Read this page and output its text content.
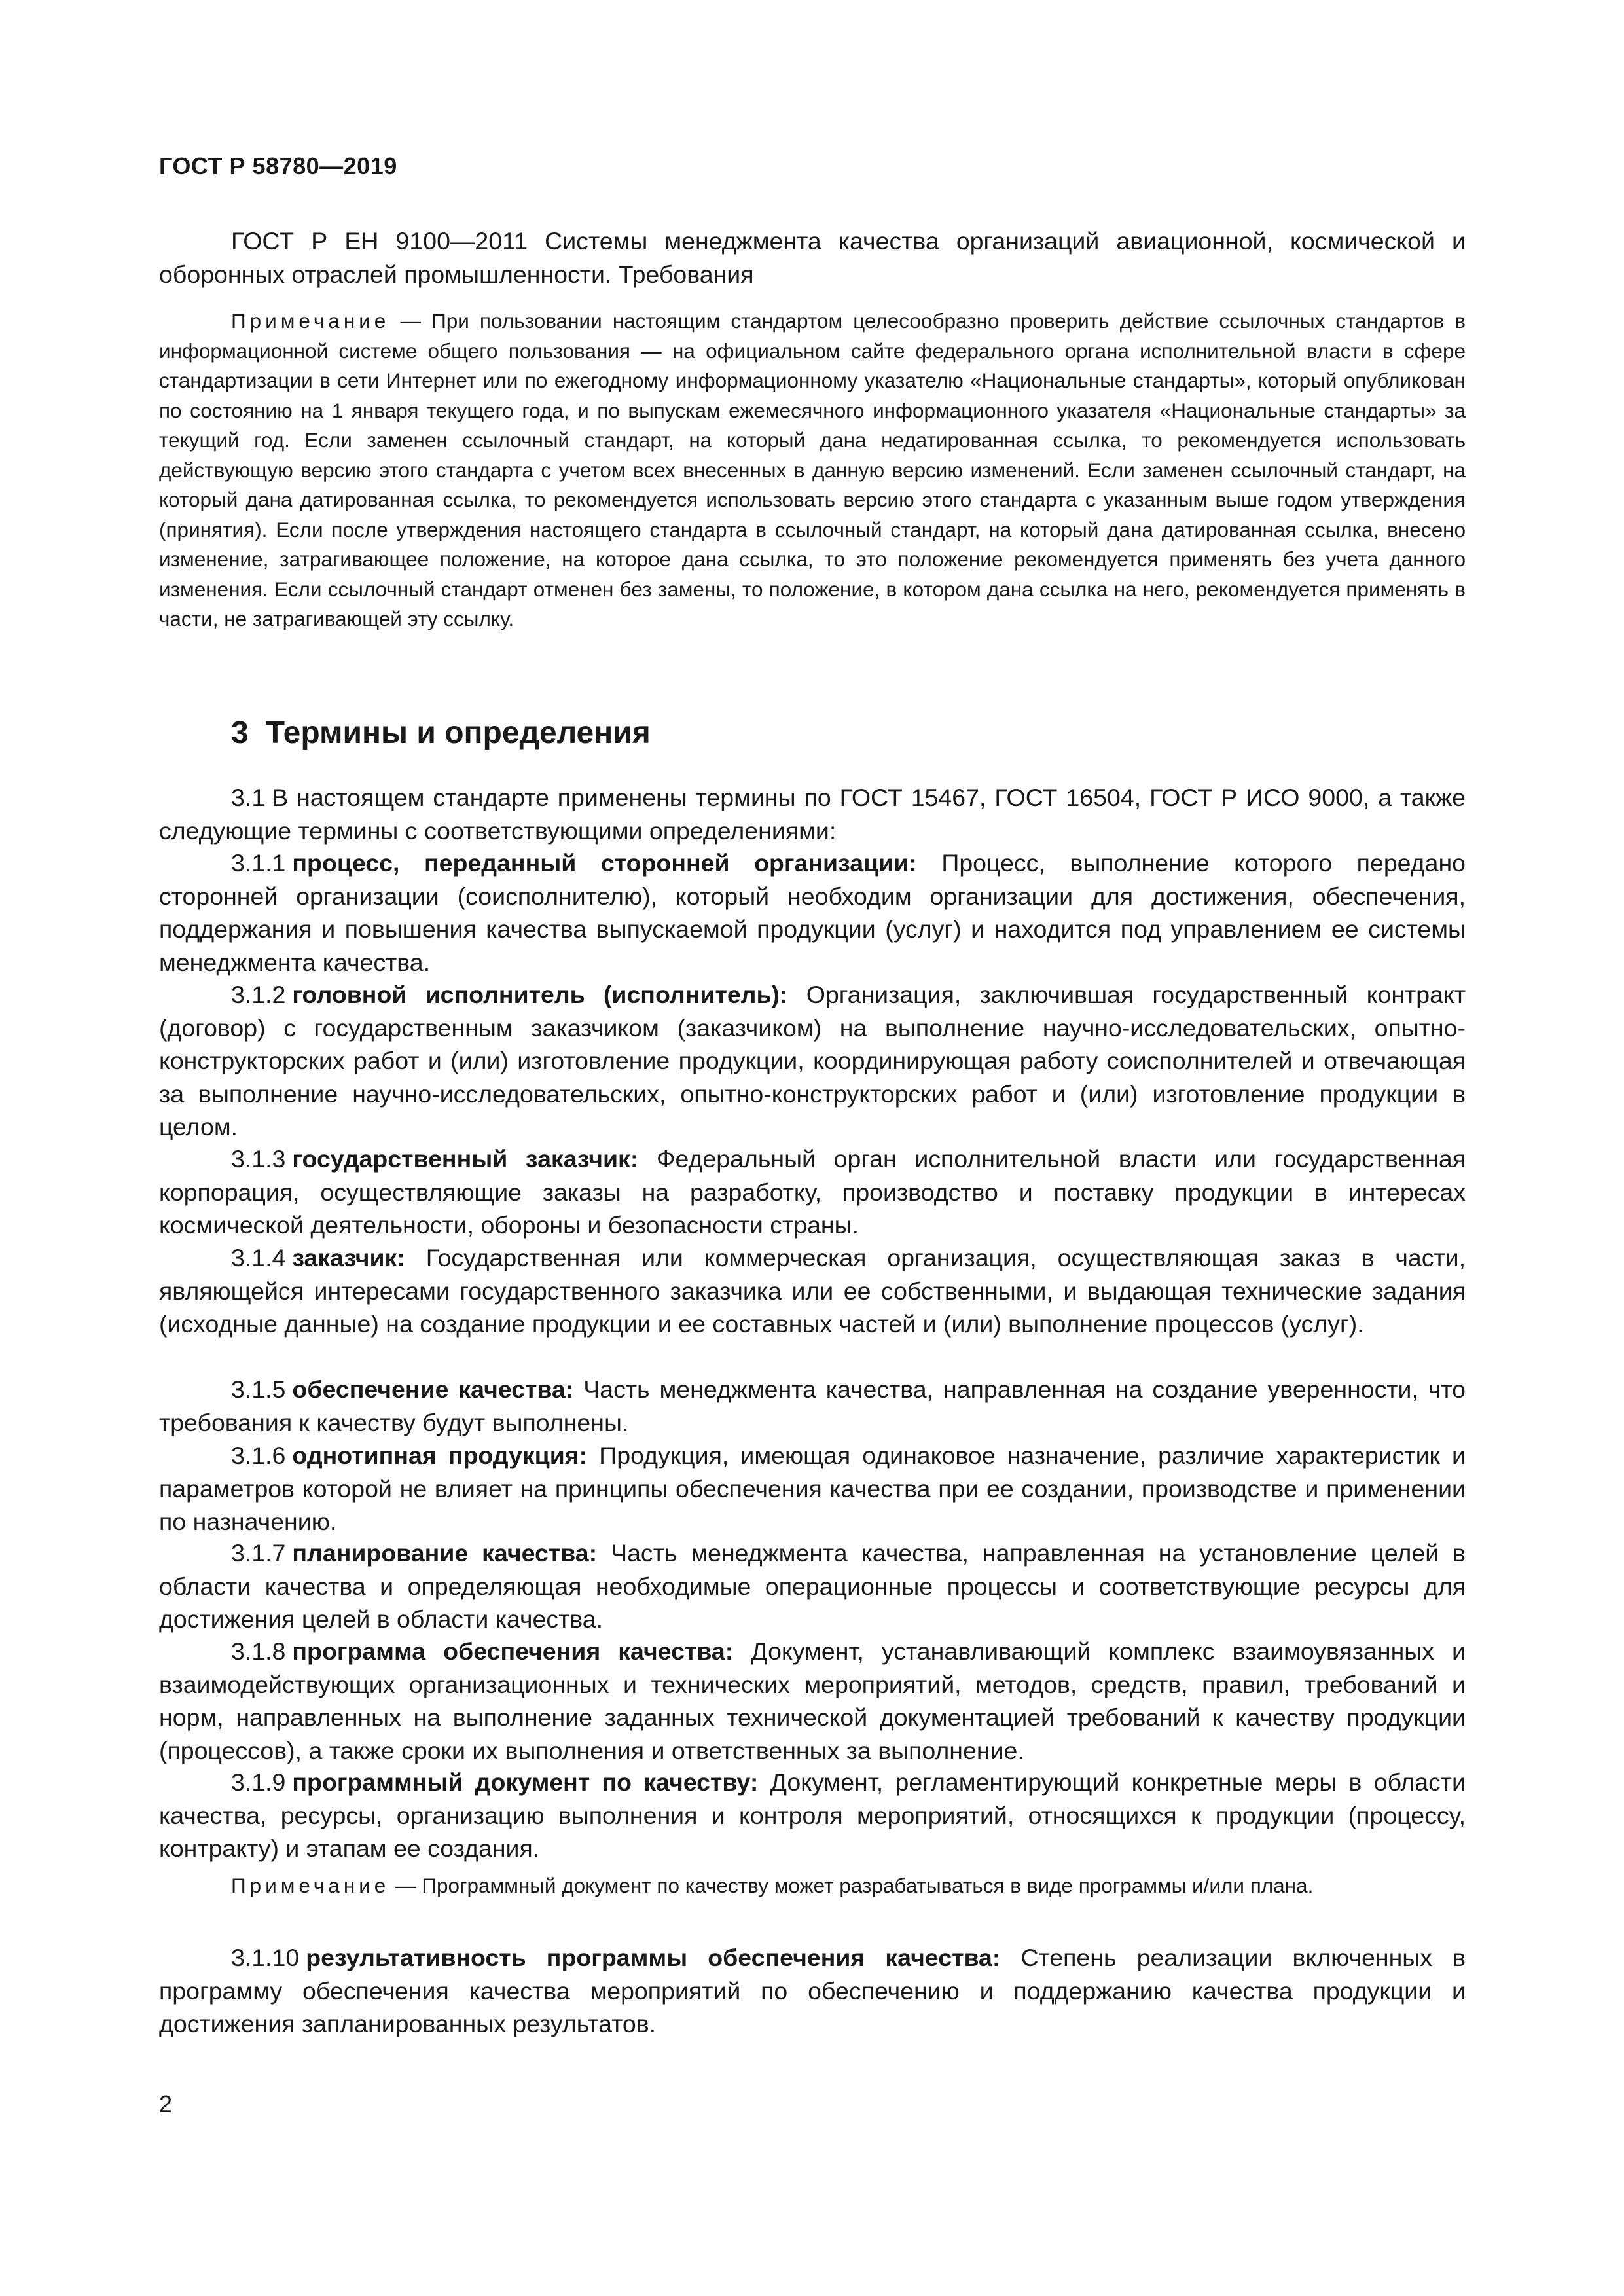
ГОСТ Р 58780—2019
ГОСТ Р ЕН 9100—2011 Системы менеджмента качества организаций авиационной, космической и оборонных отраслей промышленности. Требования
Примечание — При пользовании настоящим стандартом целесообразно проверить действие ссылочных стандартов в информационной системе общего пользования — на официальном сайте федерального органа исполнительной власти в сфере стандартизации в сети Интернет или по ежегодному информационному указателю «Национальные стандарты», который опубликован по состоянию на 1 января текущего года, и по выпускам ежемесячного информационного указателя «Национальные стандарты» за текущий год. Если заменен ссылочный стандарт, на который дана недатированная ссылка, то рекомендуется использовать действующую версию этого стандарта с учетом всех внесенных в данную версию изменений. Если заменен ссылочный стандарт, на который дана датированная ссылка, то рекомендуется использовать версию этого стандарта с указанным выше годом утверждения (принятия). Если после утверждения настоящего стандарта в ссылочный стандарт, на который дана датированная ссылка, внесено изменение, затрагивающее положение, на которое дана ссылка, то это положение рекомендуется применять без учета данного изменения. Если ссылочный стандарт отменен без замены, то положение, в котором дана ссылка на него, рекомендуется применять в части, не затрагивающей эту ссылку.
3 Термины и определения
3.1 В настоящем стандарте применены термины по ГОСТ 15467, ГОСТ 16504, ГОСТ Р ИСО 9000, а также следующие термины с соответствующими определениями:
3.1.1 процесс, переданный сторонней организации: Процесс, выполнение которого передано сторонней организации (соисполнителю), который необходим организации для достижения, обеспечения, поддержания и повышения качества выпускаемой продукции (услуг) и находится под управлением ее системы менеджмента качества.
3.1.2 головной исполнитель (исполнитель): Организация, заключившая государственный контракт (договор) с государственным заказчиком (заказчиком) на выполнение научно-исследовательских, опытно-конструкторских работ и (или) изготовление продукции, координирующая работу соисполнителей и отвечающая за выполнение научно-исследовательских, опытно-конструкторских работ и (или) изготовление продукции в целом.
3.1.3 государственный заказчик: Федеральный орган исполнительной власти или государственная корпорация, осуществляющие заказы на разработку, производство и поставку продукции в интересах космической деятельности, обороны и безопасности страны.
3.1.4 заказчик: Государственная или коммерческая организация, осуществляющая заказ в части, являющейся интересами государственного заказчика или ее собственными, и выдающая технические задания (исходные данные) на создание продукции и ее составных частей и (или) выполнение процессов (услуг).
3.1.5 обеспечение качества: Часть менеджмента качества, направленная на создание уверенности, что требования к качеству будут выполнены.
3.1.6 однотипная продукция: Продукция, имеющая одинаковое назначение, различие характеристик и параметров которой не влияет на принципы обеспечения качества при ее создании, производстве и применении по назначению.
3.1.7 планирование качества: Часть менеджмента качества, направленная на установление целей в области качества и определяющая необходимые операционные процессы и соответствующие ресурсы для достижения целей в области качества.
3.1.8 программа обеспечения качества: Документ, устанавливающий комплекс взаимоувязанных и взаимодействующих организационных и технических мероприятий, методов, средств, правил, требований и норм, направленных на выполнение заданных технической документацией требований к качеству продукции (процессов), а также сроки их выполнения и ответственных за выполнение.
3.1.9 программный документ по качеству: Документ, регламентирующий конкретные меры в области качества, ресурсы, организацию выполнения и контроля мероприятий, относящихся к продукции (процессу, контракту) и этапам ее создания.
Примечание — Программный документ по качеству может разрабатываться в виде программы и/или плана.
3.1.10 результативность программы обеспечения качества: Степень реализации включенных в программу обеспечения качества мероприятий по обеспечению и поддержанию качества продукции и достижения запланированных результатов.
2
